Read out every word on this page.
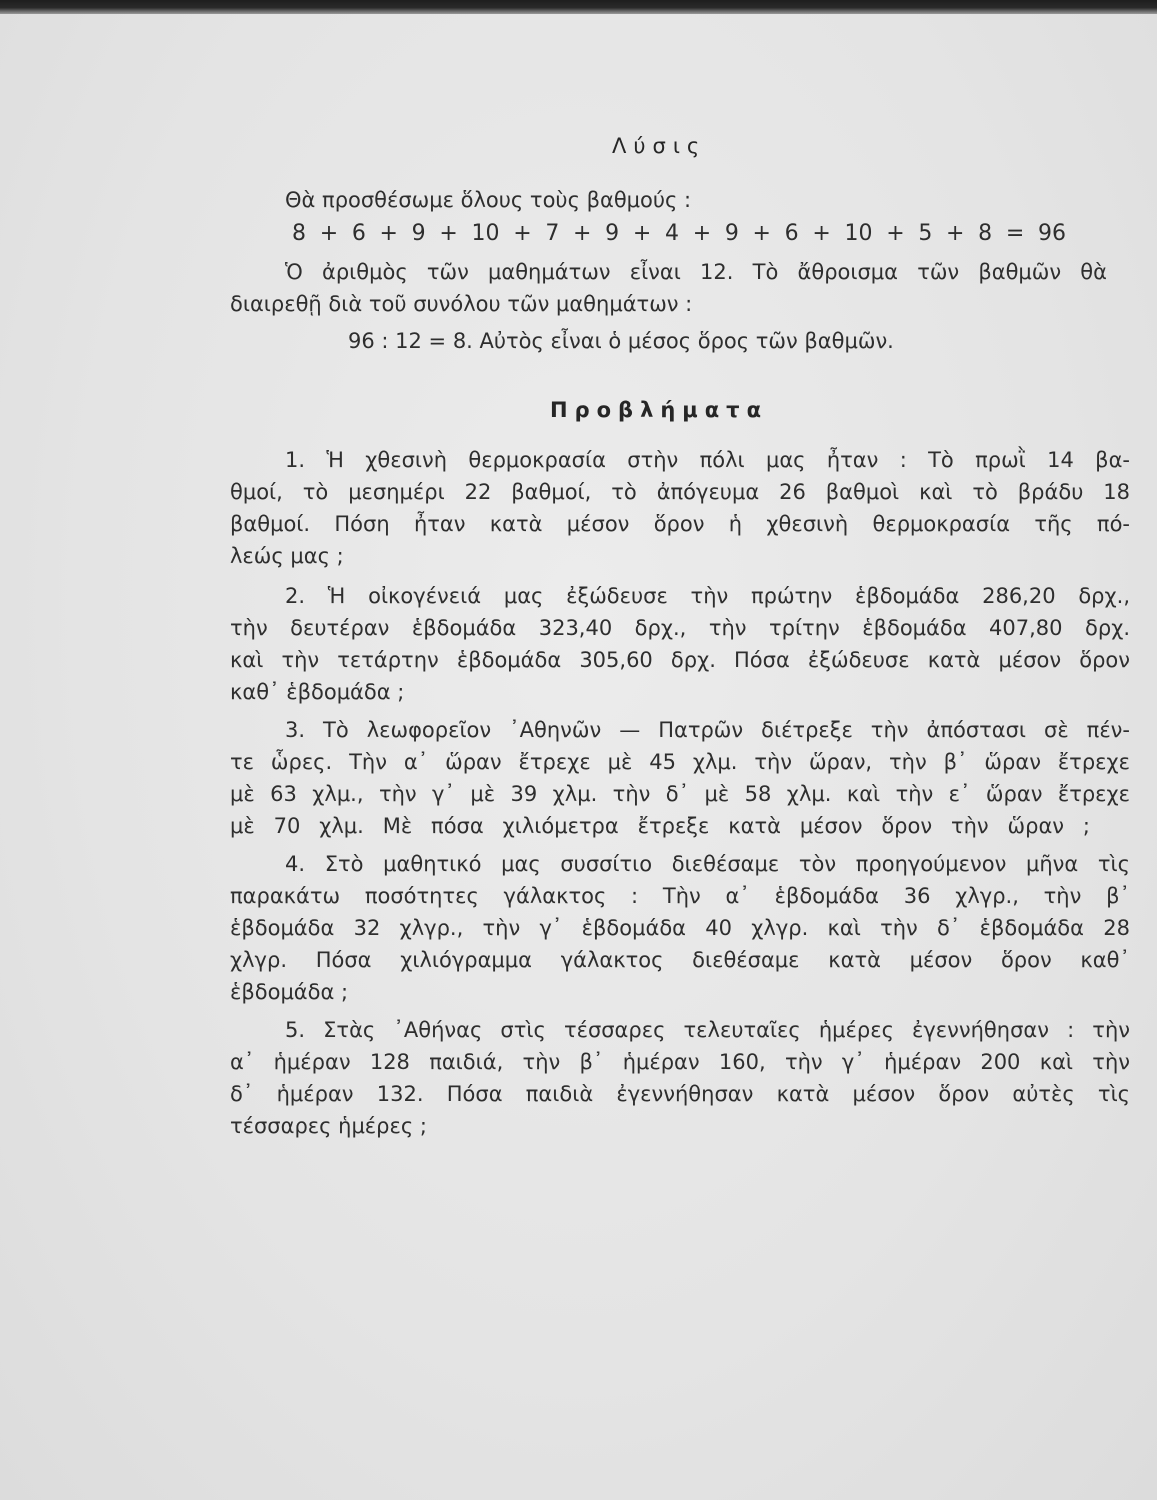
Λύσις
Θὰ προσθέσωμε ὅλους τοὺς βαθμούς :
8 + 6 + 9 + 10 + 7 + 9 + 4 + 9 + 6 + 10 + 5 + 8 = 96
Ὁ ἀριθμὸς τῶν μαθημάτων εἶναι 12. Τὸ ἄθροισμα τῶν βαθμῶν θὰ
διαιρεθῇ διὰ τοῦ συνόλου τῶν μαθημάτων :
96 : 12 = 8. Αὐτὸς εἶναι ὁ μέσος ὅρος τῶν βαθμῶν.
Προβλήματα
1. Ἡ χθεσινὴ θερμοκρασία στὴν πόλι μας ἦταν : Τὸ πρωῒ 14 βα-
θμοί, τὸ μεσημέρι 22 βαθμοί, τὸ ἀπόγευμα 26 βαθμοὶ καὶ τὸ βράδυ 18
βαθμοί. Πόση ἦταν κατὰ μέσον ὅρον ἡ χθεσινὴ θερμοκρασία τῆς πό-
λεώς μας ;
2. Ἡ οἰκογένειά μας ἐξώδευσε τὴν πρώτην ἑβδομάδα 286,20 δρχ.,
τὴν δευτέραν ἑβδομάδα 323,40 δρχ., τὴν τρίτην ἑβδομάδα 407,80 δρχ.
καὶ τὴν τετάρτην ἑβδομάδα 305,60 δρχ. Πόσα ἐξώδευσε κατὰ μέσον ὅρον
καθ᾽ ἑβδομάδα ;
3. Τὸ λεωφορεῖον ᾽Αθηνῶν — Πατρῶν διέτρεξε τὴν ἀπόστασι σὲ πέν-
τε ὧρες. Τὴν α᾽ ὥραν ἔτρεχε μὲ 45 χλμ. τὴν ὥραν, τὴν β᾽ ὥραν ἔτρεχε
μὲ 63 χλμ., τὴν γ᾽ μὲ 39 χλμ. τὴν δ᾽ μὲ 58 χλμ. καὶ τὴν ε᾽ ὥραν ἔτρεχε
μὲ 70 χλμ. Μὲ πόσα χιλιόμετρα ἔτρεξε κατὰ μέσον ὅρον τὴν ὥραν ;
4. Στὸ μαθητικό μας συσσίτιο διεθέσαμε τὸν προηγούμενον μῆνα τὶς
παρακάτω ποσότητες γάλακτος : Τὴν α᾽ ἑβδομάδα 36 χλγρ., τὴν β᾽
ἑβδομάδα 32 χλγρ., τὴν γ᾽ ἑβδομάδα 40 χλγρ. καὶ τὴν δ᾽ ἑβδομάδα 28
χλγρ. Πόσα χιλιόγραμμα γάλακτος διεθέσαμε κατὰ μέσον ὅρον καθ᾽
ἑβδομάδα ;
5. Στὰς ᾽Αθήνας στὶς τέσσαρες τελευταῖες ἡμέρες ἐγεννήθησαν : τὴν
α᾽ ἡμέραν 128 παιδιά, τὴν β᾽ ἡμέραν 160, τὴν γ᾽ ἡμέραν 200 καὶ τὴν
δ᾽ ἡμέραν 132. Πόσα παιδιὰ ἐγεννήθησαν κατὰ μέσον ὅρον αὐτὲς τὶς
τέσσαρες ἡμέρες ;
